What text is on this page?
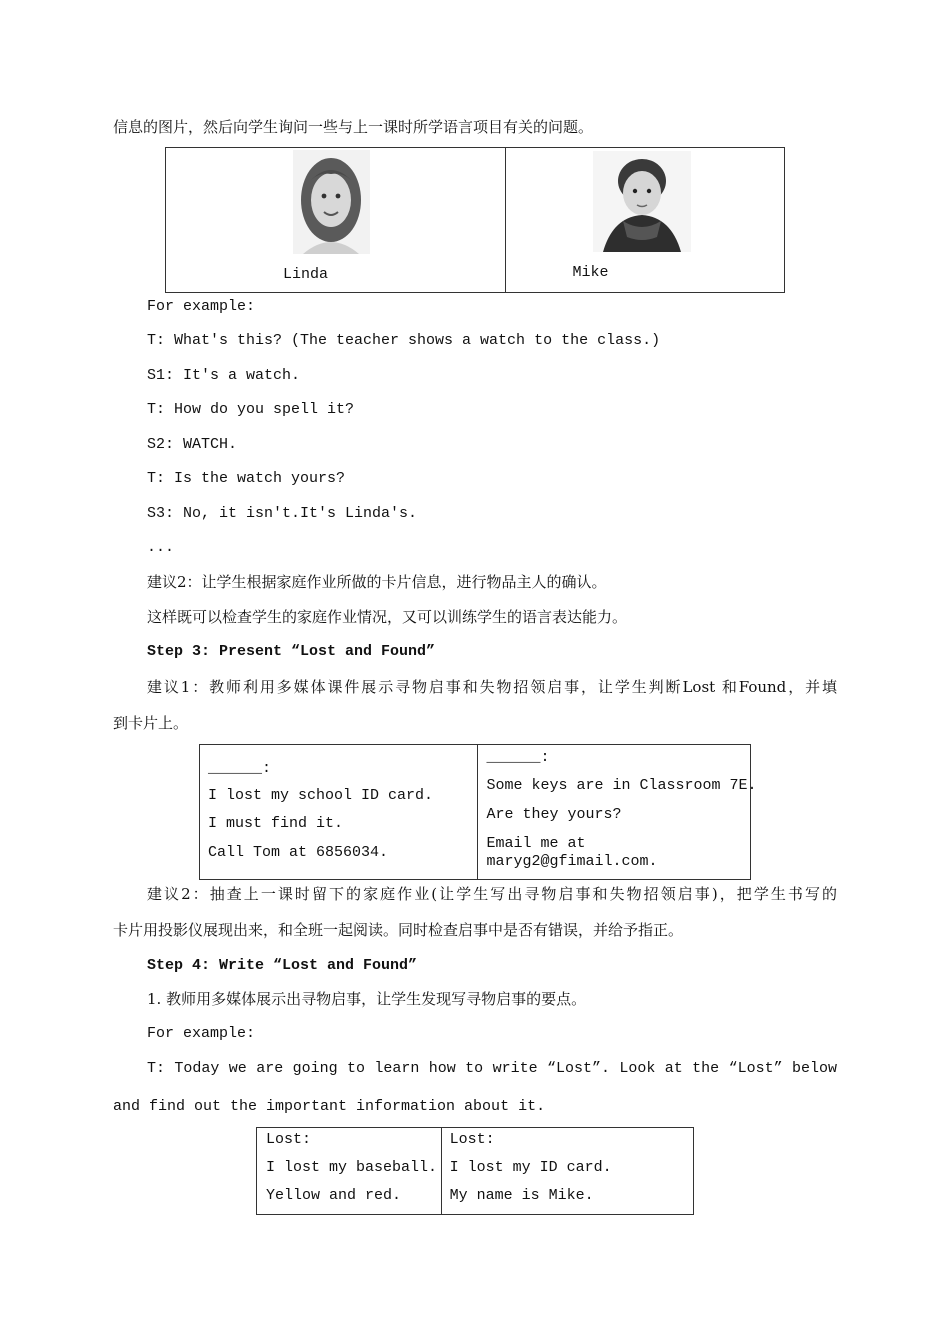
信息的图片，然后向学生询问一些与上一课时所学语言项目有关的问题。
Linda	Mike
For example:
T: What's this? (The teacher shows a watch to the class.)
S1: It's a watch.
T: How do you spell it?
S2: WATCH.
T: Is the watch yours?
S3: No, it isn't.It's Linda's.
...
建议2：让学生根据家庭作业所做的卡片信息，进行物品主人的确认。
这样既可以检查学生的家庭作业情况，又可以训练学生的语言表达能力。
Step 3: Present “Lost and Found”
建议1：教师利用多媒体课件展示寻物启事和失物招领启事，让学生判断Lost 和Found，并填
到卡片上。
______:
I lost my school ID card.
I must find it.
Call Tom at 6856034.

______:
Some keys are in Classroom 7E.
Are they yours?
Email me at
maryg2@gfimail.com.
建议2：抽查上一课时留下的家庭作业(让学生写出寻物启事和失物招领启事)，把学生书写的
卡片用投影仪展现出来，和全班一起阅读。同时检查启事中是否有错误，并给予指正。
Step 4: Write “Lost and Found”
1. 教师用多媒体展示出寻物启事，让学生发现写寻物启事的要点。
For example:
T: Today we are going to learn how to write “Lost”. Look at the “Lost” below
and find out the important information about it.
Lost:
I lost my baseball.
Yellow and red.

Lost:
I lost my ID card.
My name is Mike.
